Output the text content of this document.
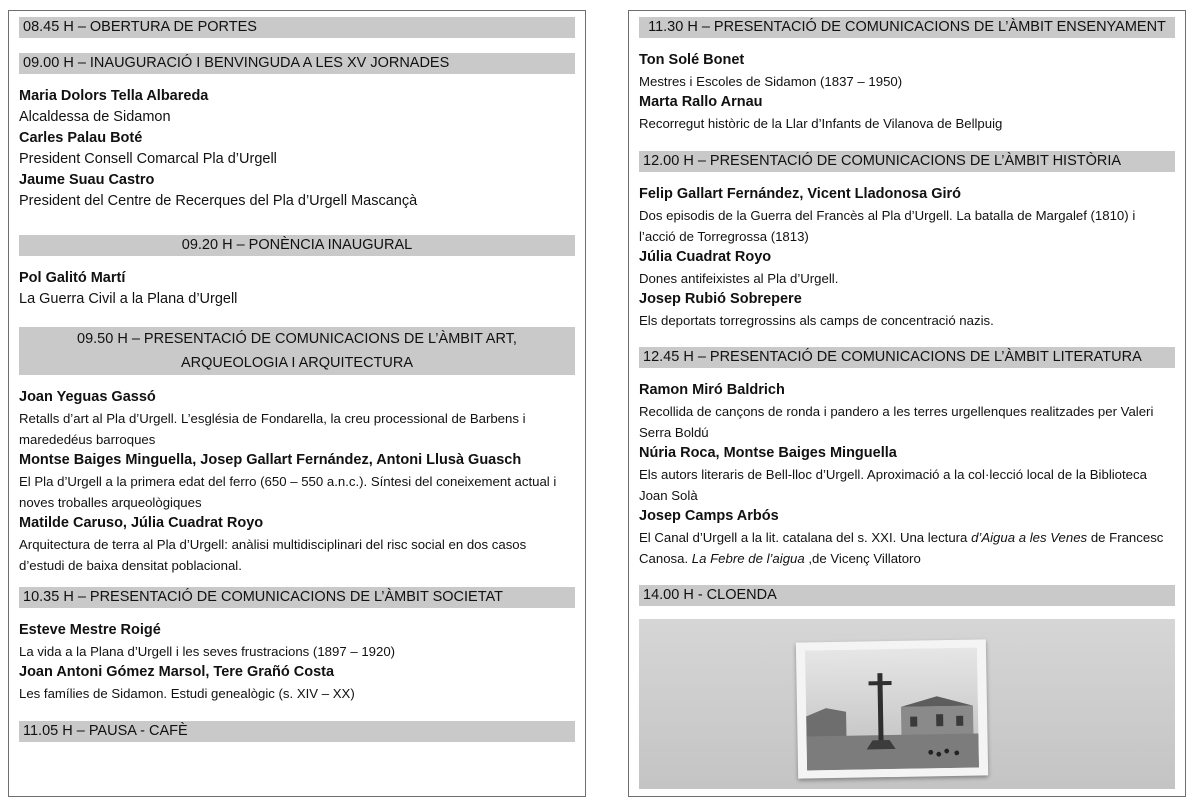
08.45 H – OBERTURA DE PORTES
09.00 H – INAUGURACIÓ I BENVINGUDA A LES XV JORNADES
Maria Dolors Tella Albareda
Alcaldessa de Sidamon
Carles Palau Boté
President Consell Comarcal Pla d’Urgell
Jaume Suau Castro
President del Centre de Recerques del Pla d’Urgell Mascançà
09.20 H – PONÈNCIA INAUGURAL
Pol Galitó Martí
La Guerra Civil a la Plana d’Urgell
09.50 H – PRESENTACIÓ DE COMUNICACIONS DE L’ÀMBIT ART, ARQUEOLOGIA I ARQUITECTURA
Joan Yeguas Gassó
Retalls d’art al Pla d’Urgell. L’església de Fondarella, la creu processional de Barbens i marededéus barroques
Montse Baiges Minguella, Josep Gallart Fernández, Antoni Llusà Guasch
El Pla d’Urgell a la primera edat del ferro (650 – 550 a.n.c.). Síntesi del coneixement actual i noves troballes arqueològiques
Matilde Caruso, Júlia Cuadrat Royo
Arquitectura de terra al Pla d’Urgell: anàlisi multidisciplinari del risc social en dos casos d’estudi de baixa densitat poblacional.
10.35 H – PRESENTACIÓ DE COMUNICACIONS DE L’ÀMBIT SOCIETAT
Esteve Mestre Roigé
La vida a la Plana d’Urgell i les seves frustracions (1897 – 1920)
Joan Antoni Gómez Marsol, Tere Grañó Costa
Les famílies de Sidamon. Estudi genealògic (s. XIV – XX)
11.05 H – PAUSA - CAFÈ
11.30 H – PRESENTACIÓ DE COMUNICACIONS DE L’ÀMBIT ENSENYAMENT
Ton Solé Bonet
Mestres i Escoles de Sidamon (1837 – 1950)
Marta Rallo Arnau
Recorregut històric de la Llar d’Infants de Vilanova de Bellpuig
12.00 H – PRESENTACIÓ DE COMUNICACIONS DE L’ÀMBIT HISTÒRIA
Felip Gallart Fernández, Vicent Lladonosa Giró
Dos episodis de la Guerra del Francès al Pla d’Urgell. La batalla de Margalef (1810) i l’acció de Torregrossa (1813)
Júlia Cuadrat Royo
Dones antifeixistes al Pla d’Urgell.
Josep Rubió Sobrepere
Els deportats torregrossins als camps de concentració nazis.
12.45 H – PRESENTACIÓ DE COMUNICACIONS DE L’ÀMBIT LITERATURA
Ramon Miró Baldrich
Recollida de cançons de ronda i pandero a les terres urgellenques realitzades per Valeri Serra Boldú
Núria Roca, Montse Baiges Minguella
Els autors literaris de Bell-lloc d’Urgell. Aproximació a la col·lecció local de la Biblioteca Joan Solà
Josep Camps Arbós
El Canal d’Urgell a la lit. catalana del s. XXI. Una lectura d’Aigua a les Venes de Francesc Canosa. La Febre de l’aigua ,de Vicenç Villatoro
14.00 H - CLOENDA
